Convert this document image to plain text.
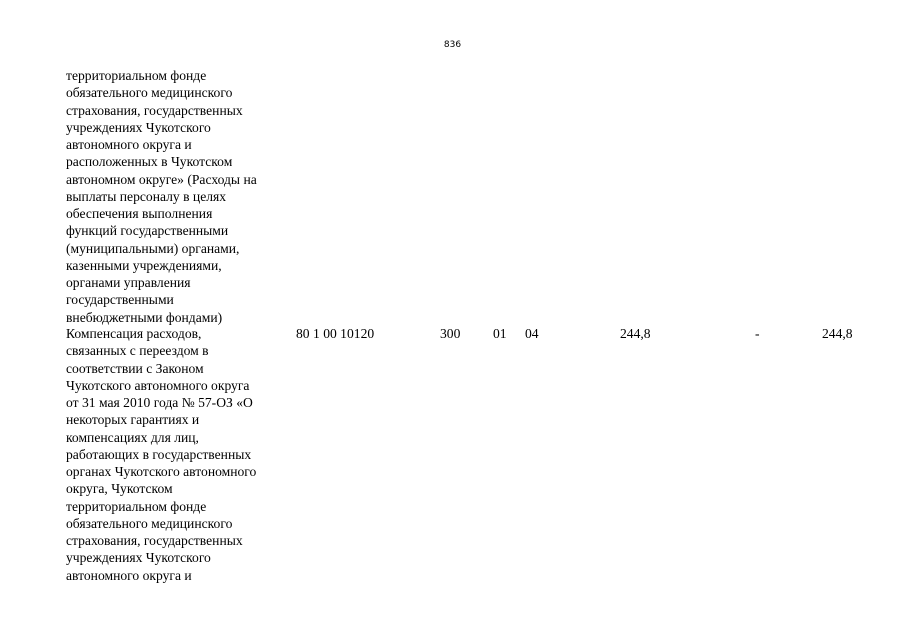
836
территориальном фонде
обязательного медицинского
страхования, государственных
учреждениях Чукотского
автономного округа и
расположенных в Чукотском
автономном округе» (Расходы на
выплаты персоналу в целях
обеспечения выполнения
функций государственными
(муниципальными) органами,
казенными учреждениями,
органами управления
государственными
внебюджетными фондами)
Компенсация расходов,
связанных с переездом в
соответствии с Законом
Чукотского автономного округа
от 31 мая 2010 года № 57-ОЗ «О
некоторых гарантиях и
компенсациях для лиц,
работающих в государственных
органах Чукотского автономного
округа, Чукотском
территориальном фонде
обязательного медицинского
страхования, государственных
учреждениях Чукотского
автономного округа и
80 1 00 10120	300 01 04	244,8	-	244,8
